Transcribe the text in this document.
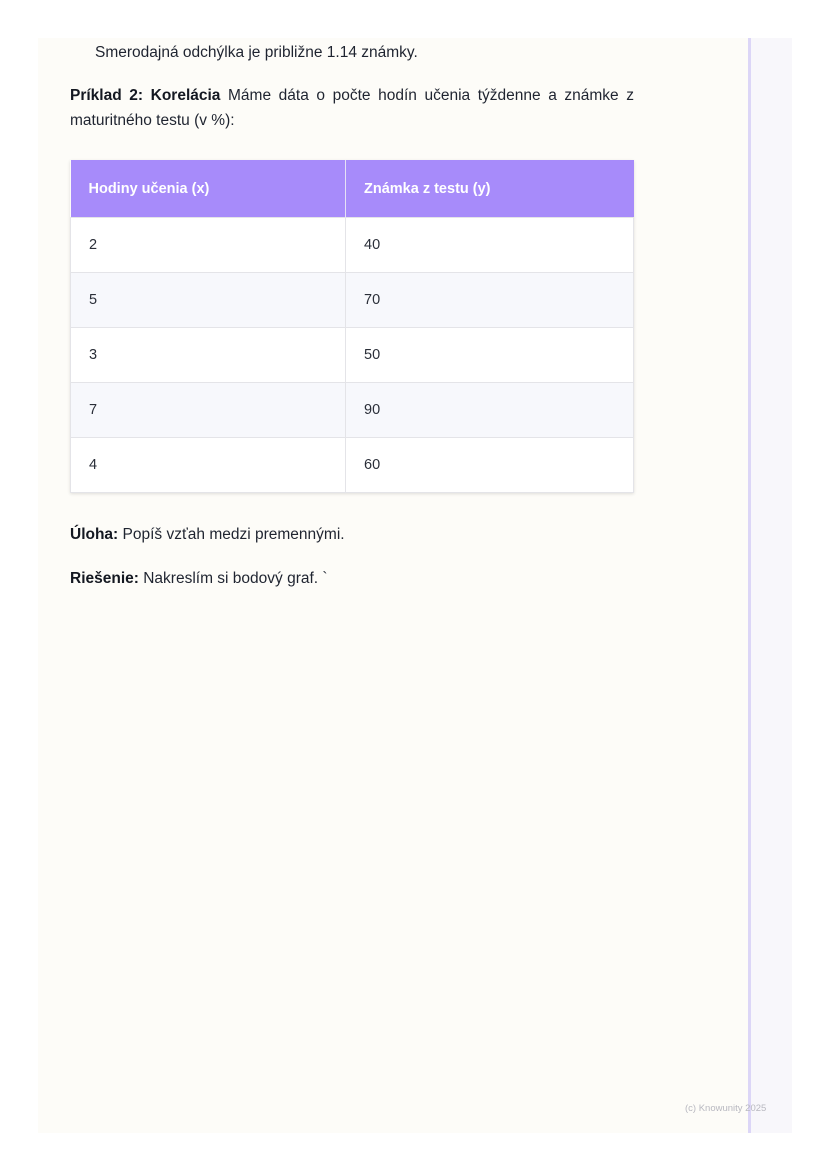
Smerodajná odchýlka je približne 1.14 známky.
Príklad 2: Korelácia Máme dáta o počte hodín učenia týždenne a známke z maturitného testu (v %):
Hodiny učenia (x)	Známka z testu (y)
2	40
5	70
3	50
7	90
4	60
Úloha: Popíš vzťah medzi premennými.
Riešenie: Nakreslím si bodový graf. `
(c) Knowunity 2025
